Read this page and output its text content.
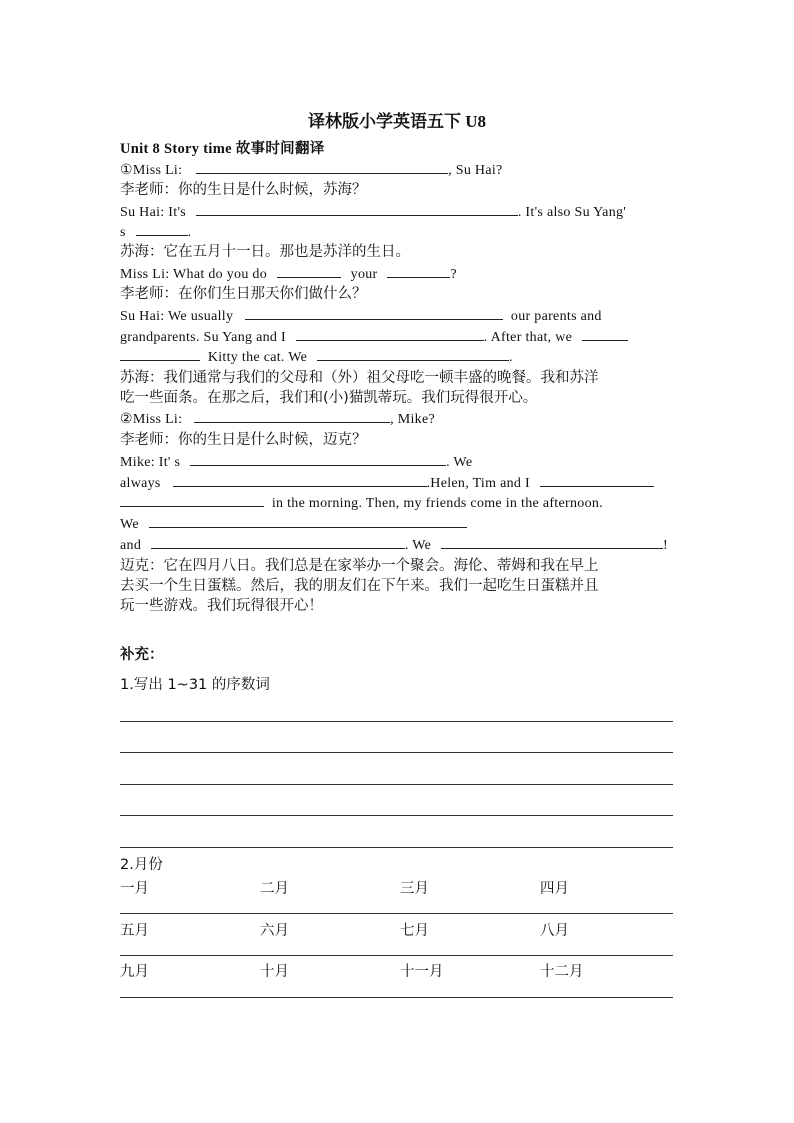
译林版小学英语五下 U8
Unit 8 Story time 故事时间翻译
①Miss Li:	, Su Hai?
李老师：你的生日是什么时候，苏海？
Su Hai: It's	. It's also Su Yang'
s	.
苏海：它在五月十一日。那也是苏洋的生日。
Miss Li: What do you do	your	?
李老师：在你们生日那天你们做什么？
Su Hai: We usually	our parents and
grandparents. Su Yang and I	. After that, we
Kitty the cat. We	.
苏海：我们通常与我们的父母和（外）祖父母吃一顿丰盛的晚餐。我和苏洋
吃一些面条。在那之后，我们和(小)猫凯蒂玩。我们玩得很开心。
②Miss Li:	, Mike?
李老师：你的生日是什么时候，迈克？
Mike: It' s	. We
always	.Helen, Tim and I
in the morning. Then, my friends come in the afternoon.
We
and	. We	!
迈克：它在四月八日。我们总是在家举办一个聚会。海伦、蒂姆和我在早上
去买一个生日蛋糕。然后，我的朋友们在下午来。我们一起吃生日蛋糕并且
玩一些游戏。我们玩得很开心！
补充：
1.写出 1~31 的序数词
2.月份
一月	二月	三月	四月
五月	六月	七月	八月
九月	十月	十一月	十二月
